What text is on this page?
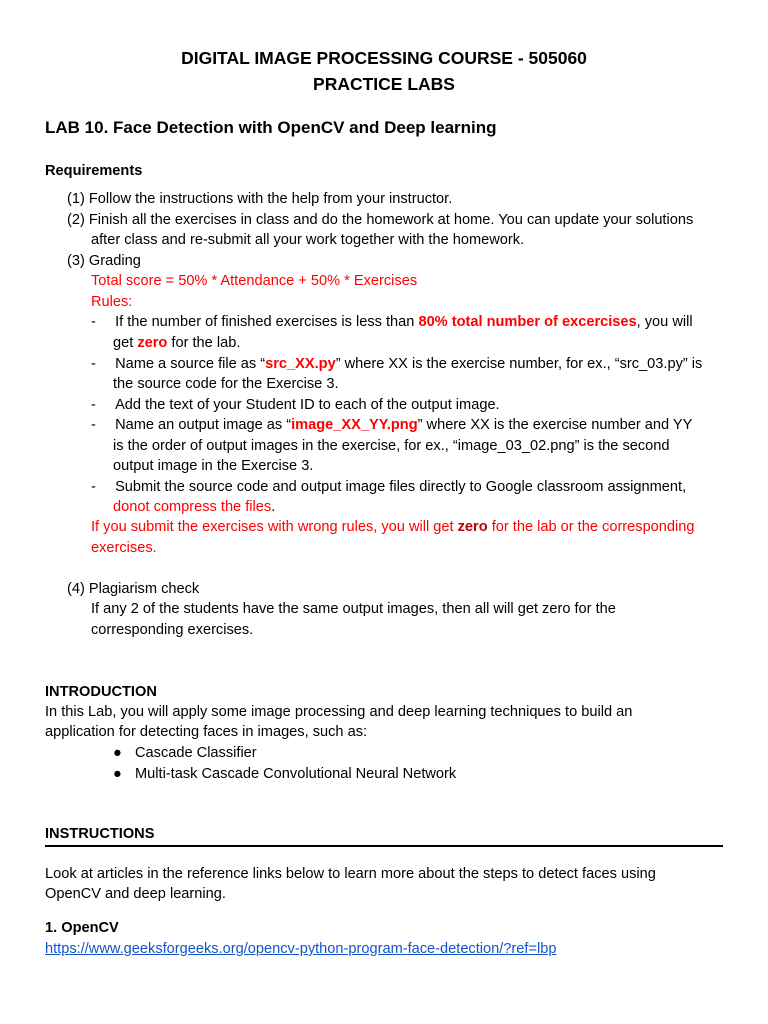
DIGITAL IMAGE PROCESSING COURSE - 505060
PRACTICE LABS
LAB 10. Face Detection with OpenCV and Deep learning
Requirements
(1) Follow the instructions with the help from your instructor.
(2) Finish all the exercises in class and do the homework at home. You can update your solutions
after class and re-submit all your work together with the homework.
(3) Grading
Total score = 50% * Attendance + 50% * Exercises
Rules:
- If the number of finished exercises is less than 80% total number of excercises, you will
get zero for the lab.
- Name a source file as “src_XX.py” where XX is the exercise number, for ex., “src_03.py” is
the source code for the Exercise 3.
- Add the text of your Student ID to each of the output image.
- Name an output image as “image_XX_YY.png” where XX is the exercise number and YY
is the order of output images in the exercise, for ex., “image_03_02.png” is the second
output image in the Exercise 3.
- Submit the source code and output image files directly to Google classroom assignment,
donot compress the files.
If you submit the exercises with wrong rules, you will get zero for the lab or the corresponding
exercises.
(4) Plagiarism check
If any 2 of the students have the same output images, then all will get zero for the
corresponding exercises.
INTRODUCTION
In this Lab, you will apply some image processing and deep learning techniques to build an
application for detecting faces in images, such as:
● Cascade Classifier
● Multi-task Cascade Convolutional Neural Network
INSTRUCTIONS
Look at articles in the reference links below to learn more about the steps to detect faces using
OpenCV and deep learning.
1. OpenCV
https://www.geeksforgeeks.org/opencv-python-program-face-detection/?ref=lbp
